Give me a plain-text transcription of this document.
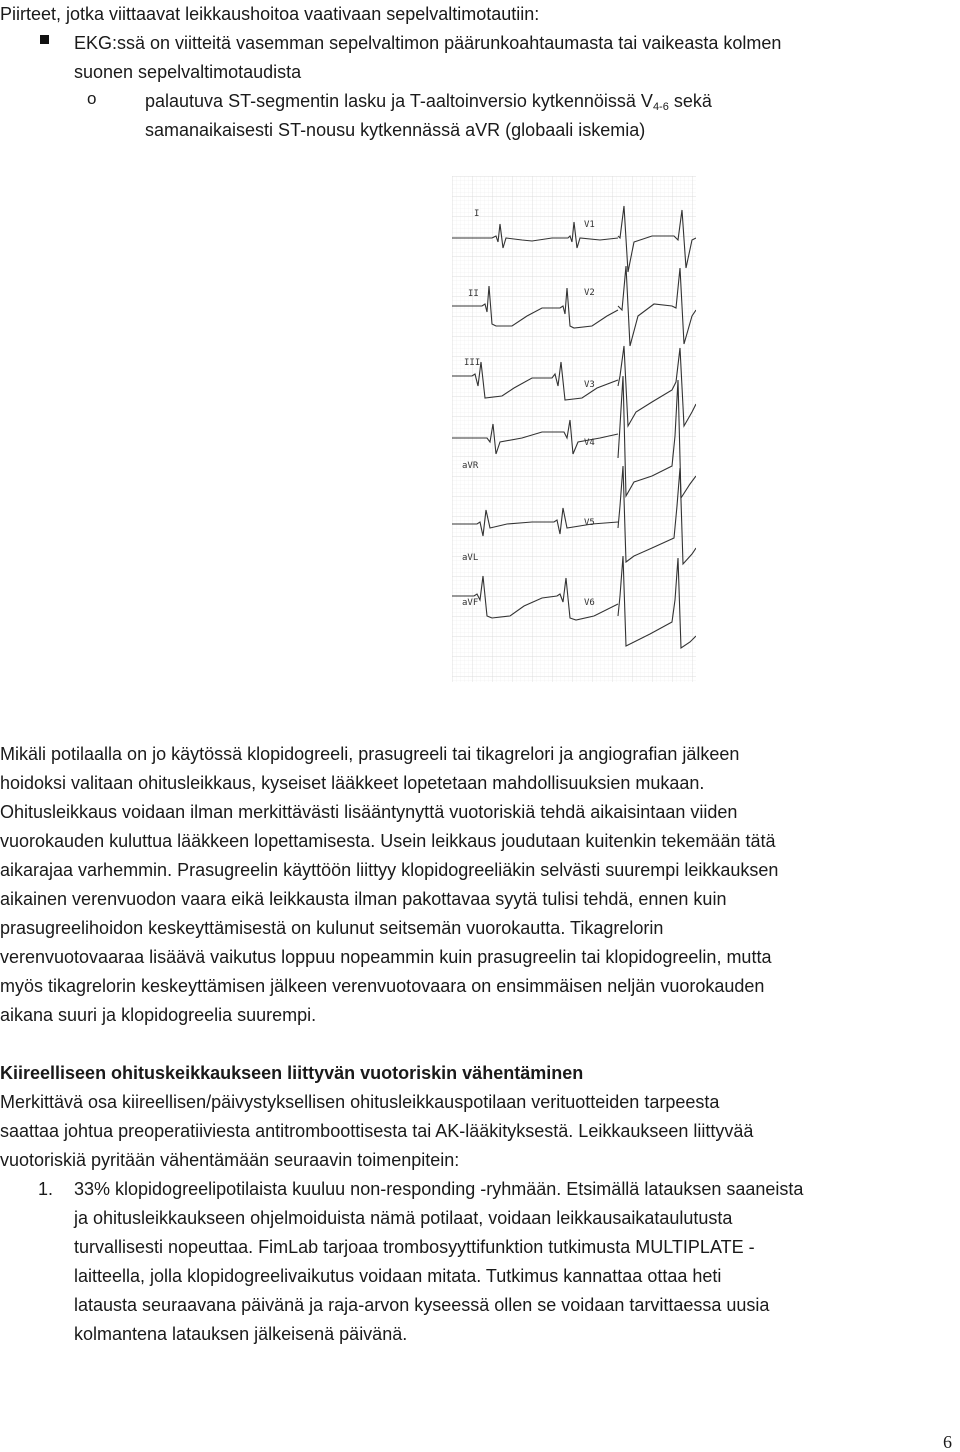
Piirteet, jotka viittaavat leikkaushoitoa vaativaan sepelvaltimotautiin:
EKG:ssä on viitteitä vasemman sepelvaltimon päärunkoahtaumasta tai vaikeasta kolmen
suonen sepelvaltimotaudista
o	palautuva ST-segmentin lasku ja T-aaltoinversio kytkennöissä $V_{4-6}$ sekä
samanaikaisesti ST-nousu kytkennässä aVR (globaali iskemia)
I
II
III
aVR
aVL
aVF
V1
V2
V3
V4
V5
V6
Mikäli potilaalla on jo käytössä klopidogreeli, prasugreeli tai tikagrelori ja angiografian jälkeen
hoidoksi valitaan ohitusleikkaus, kyseiset lääkkeet lopetetaan mahdollisuuksien mukaan.
Ohitusleikkaus voidaan ilman merkittävästi lisääntynyttä vuotoriskiä tehdä aikaisintaan viiden
vuorokauden kuluttua lääkkeen lopettamisesta. Usein leikkaus joudutaan kuitenkin tekemään tätä
aikarajaa varhemmin. Prasugreelin käyttöön liittyy klopidogreeliäkin selvästi suurempi leikkauksen
aikainen verenvuodon vaara eikä leikkausta ilman pakottavaa syytä tulisi tehdä, ennen kuin
prasugreelihoidon keskeyttämisestä on kulunut seitsemän vuorokautta. Tikagrelorin
verenvuotovaaraa lisäävä vaikutus loppuu nopeammin kuin prasugreelin tai klopidogreelin, mutta
myös tikagrelorin keskeyttämisen jälkeen verenvuotovaara on ensimmäisen neljän vuorokauden
aikana suuri ja klopidogreelia suurempi.
Kiireelliseen ohituskeikkaukseen liittyvän vuotoriskin vähentäminen
Merkittävä osa kiireellisen/päivystyksellisen ohitusleikkauspotilaan verituotteiden tarpeesta
saattaa johtua preoperatiiviesta antitromboottisesta tai AK-lääkityksestä. Leikkaukseen liittyvää
vuotoriskiä pyritään vähentämään seuraavin toimenpitein:
1. 33% klopidogreelipotilaista kuuluu non-responding -ryhmään. Etsimällä latauksen saaneista
ja ohitusleikkaukseen ohjelmoiduista nämä potilaat, voidaan leikkausaikataulutusta
turvallisesti nopeuttaa. FimLab tarjoaa trombosyyttifunktion tutkimusta MULTIPLATE -
laitteella, jolla klopidogreelivaikutus voidaan mitata. Tutkimus kannattaa ottaa heti
latausta seuraavana päivänä ja raja-arvon kyseessä ollen se voidaan tarvittaessa uusia
kolmantena latauksen jälkeisenä päivänä.
6
